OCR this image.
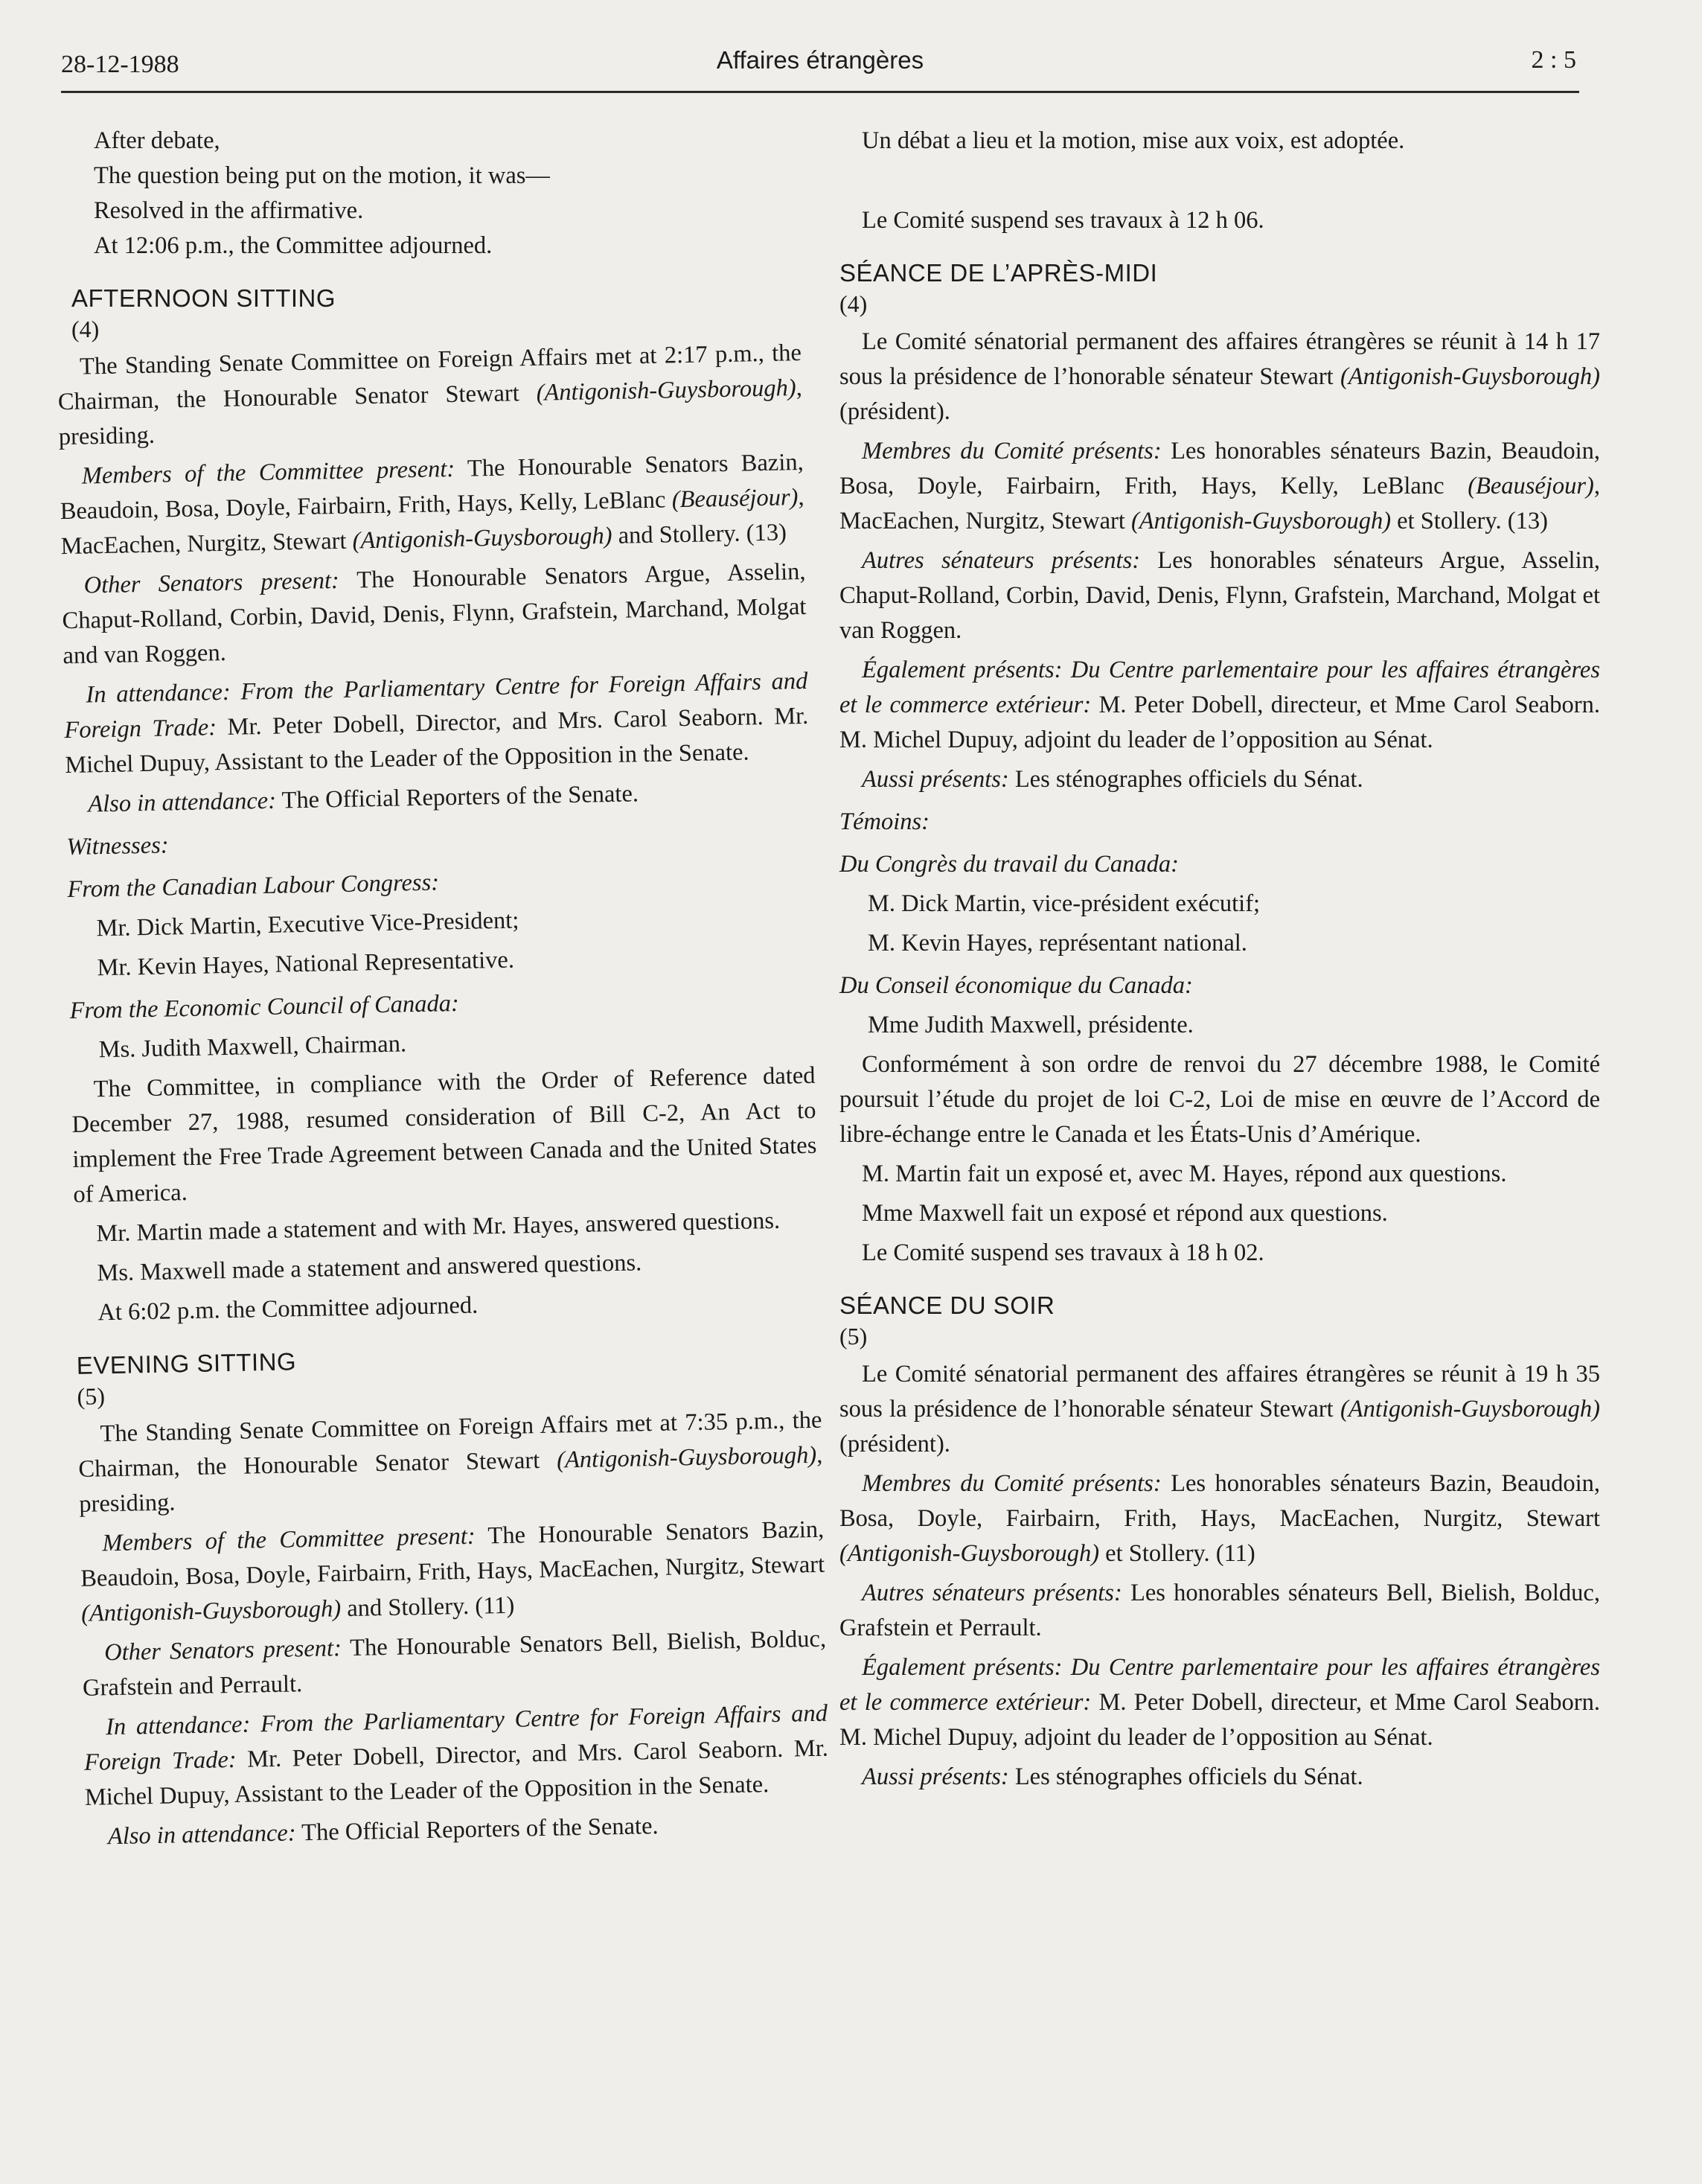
28-12-1988	Affaires étrangères	2 : 5

After debate,

The question being put on the motion, it was—

Resolved in the affirmative.

At 12:06 p.m., the Committee adjourned.

AFTERNOON SITTING
(4)

The Standing Senate Committee on Foreign Affairs met at 2:17 p.m., the Chairman, the Honourable Senator Stewart (Antigonish-Guysborough), presiding.

Members of the Committee present: The Honourable Senators Bazin, Beaudoin, Bosa, Doyle, Fairbairn, Frith, Hays, Kelly, LeBlanc (Beauséjour), MacEachen, Nurgitz, Stewart (Antigonish-Guysborough) and Stollery. (13)

Other Senators present: The Honourable Senators Argue, Asselin, Chaput-Rolland, Corbin, David, Denis, Flynn, Grafstein, Marchand, Molgat and van Roggen.

In attendance: From the Parliamentary Centre for Foreign Affairs and Foreign Trade: Mr. Peter Dobell, Director, and Mrs. Carol Seaborn. Mr. Michel Dupuy, Assistant to the Leader of the Opposition in the Senate.

Also in attendance: The Official Reporters of the Senate.

Witnesses:

From the Canadian Labour Congress:

Mr. Dick Martin, Executive Vice-President;

Mr. Kevin Hayes, National Representative.

From the Economic Council of Canada:

Ms. Judith Maxwell, Chairman.

The Committee, in compliance with the Order of Reference dated December 27, 1988, resumed consideration of Bill C-2, An Act to implement the Free Trade Agreement between Canada and the United States of America.

Mr. Martin made a statement and with Mr. Hayes, answered questions.

Ms. Maxwell made a statement and answered questions.

At 6:02 p.m. the Committee adjourned.

EVENING SITTING
(5)

The Standing Senate Committee on Foreign Affairs met at 7:35 p.m., the Chairman, the Honourable Senator Stewart (Antigonish-Guysborough), presiding.

Members of the Committee present: The Honourable Senators Bazin, Beaudoin, Bosa, Doyle, Fairbairn, Frith, Hays, MacEachen, Nurgitz, Stewart (Antigonish-Guysborough) and Stollery. (11)

Other Senators present: The Honourable Senators Bell, Bielish, Bolduc, Grafstein and Perrault.

In attendance: From the Parliamentary Centre for Foreign Affairs and Foreign Trade: Mr. Peter Dobell, Director, and Mrs. Carol Seaborn. Mr. Michel Dupuy, Assistant to the Leader of the Opposition in the Senate.

Also in attendance: The Official Reporters of the Senate.

Un débat a lieu et la motion, mise aux voix, est adoptée.

Le Comité suspend ses travaux à 12 h 06.

SÉANCE DE L’APRÈS-MIDI
(4)

Le Comité sénatorial permanent des affaires étrangères se réunit à 14 h 17 sous la présidence de l’honorable sénateur Stewart (Antigonish-Guysborough) (président).

Membres du Comité présents: Les honorables sénateurs Bazin, Beaudoin, Bosa, Doyle, Fairbairn, Frith, Hays, Kelly, LeBlanc (Beauséjour), MacEachen, Nurgitz, Stewart (Antigonish-Guysborough) et Stollery. (13)

Autres sénateurs présents: Les honorables sénateurs Argue, Asselin, Chaput-Rolland, Corbin, David, Denis, Flynn, Grafstein, Marchand, Molgat et van Roggen.

Également présents: Du Centre parlementaire pour les affaires étrangères et le commerce extérieur: M. Peter Dobell, directeur, et Mme Carol Seaborn. M. Michel Dupuy, adjoint du leader de l’opposition au Sénat.

Aussi présents: Les sténographes officiels du Sénat.

Témoins:

Du Congrès du travail du Canada:

M. Dick Martin, vice-président exécutif;

M. Kevin Hayes, représentant national.

Du Conseil économique du Canada:

Mme Judith Maxwell, présidente.

Conformément à son ordre de renvoi du 27 décembre 1988, le Comité poursuit l’étude du projet de loi C-2, Loi de mise en œuvre de l’Accord de libre-échange entre le Canada et les États-Unis d’Amérique.

M. Martin fait un exposé et, avec M. Hayes, répond aux questions.

Mme Maxwell fait un exposé et répond aux questions.

Le Comité suspend ses travaux à 18 h 02.

SÉANCE DU SOIR
(5)

Le Comité sénatorial permanent des affaires étrangères se réunit à 19 h 35 sous la présidence de l’honorable sénateur Stewart (Antigonish-Guysborough) (président).

Membres du Comité présents: Les honorables sénateurs Bazin, Beaudoin, Bosa, Doyle, Fairbairn, Frith, Hays, MacEachen, Nurgitz, Stewart (Antigonish-Guysborough) et Stollery. (11)

Autres sénateurs présents: Les honorables sénateurs Bell, Bielish, Bolduc, Grafstein et Perrault.

Également présents: Du Centre parlementaire pour les affaires étrangères et le commerce extérieur: M. Peter Dobell, directeur, et Mme Carol Seaborn. M. Michel Dupuy, adjoint du leader de l’opposition au Sénat.

Aussi présents: Les sténographes officiels du Sénat.
